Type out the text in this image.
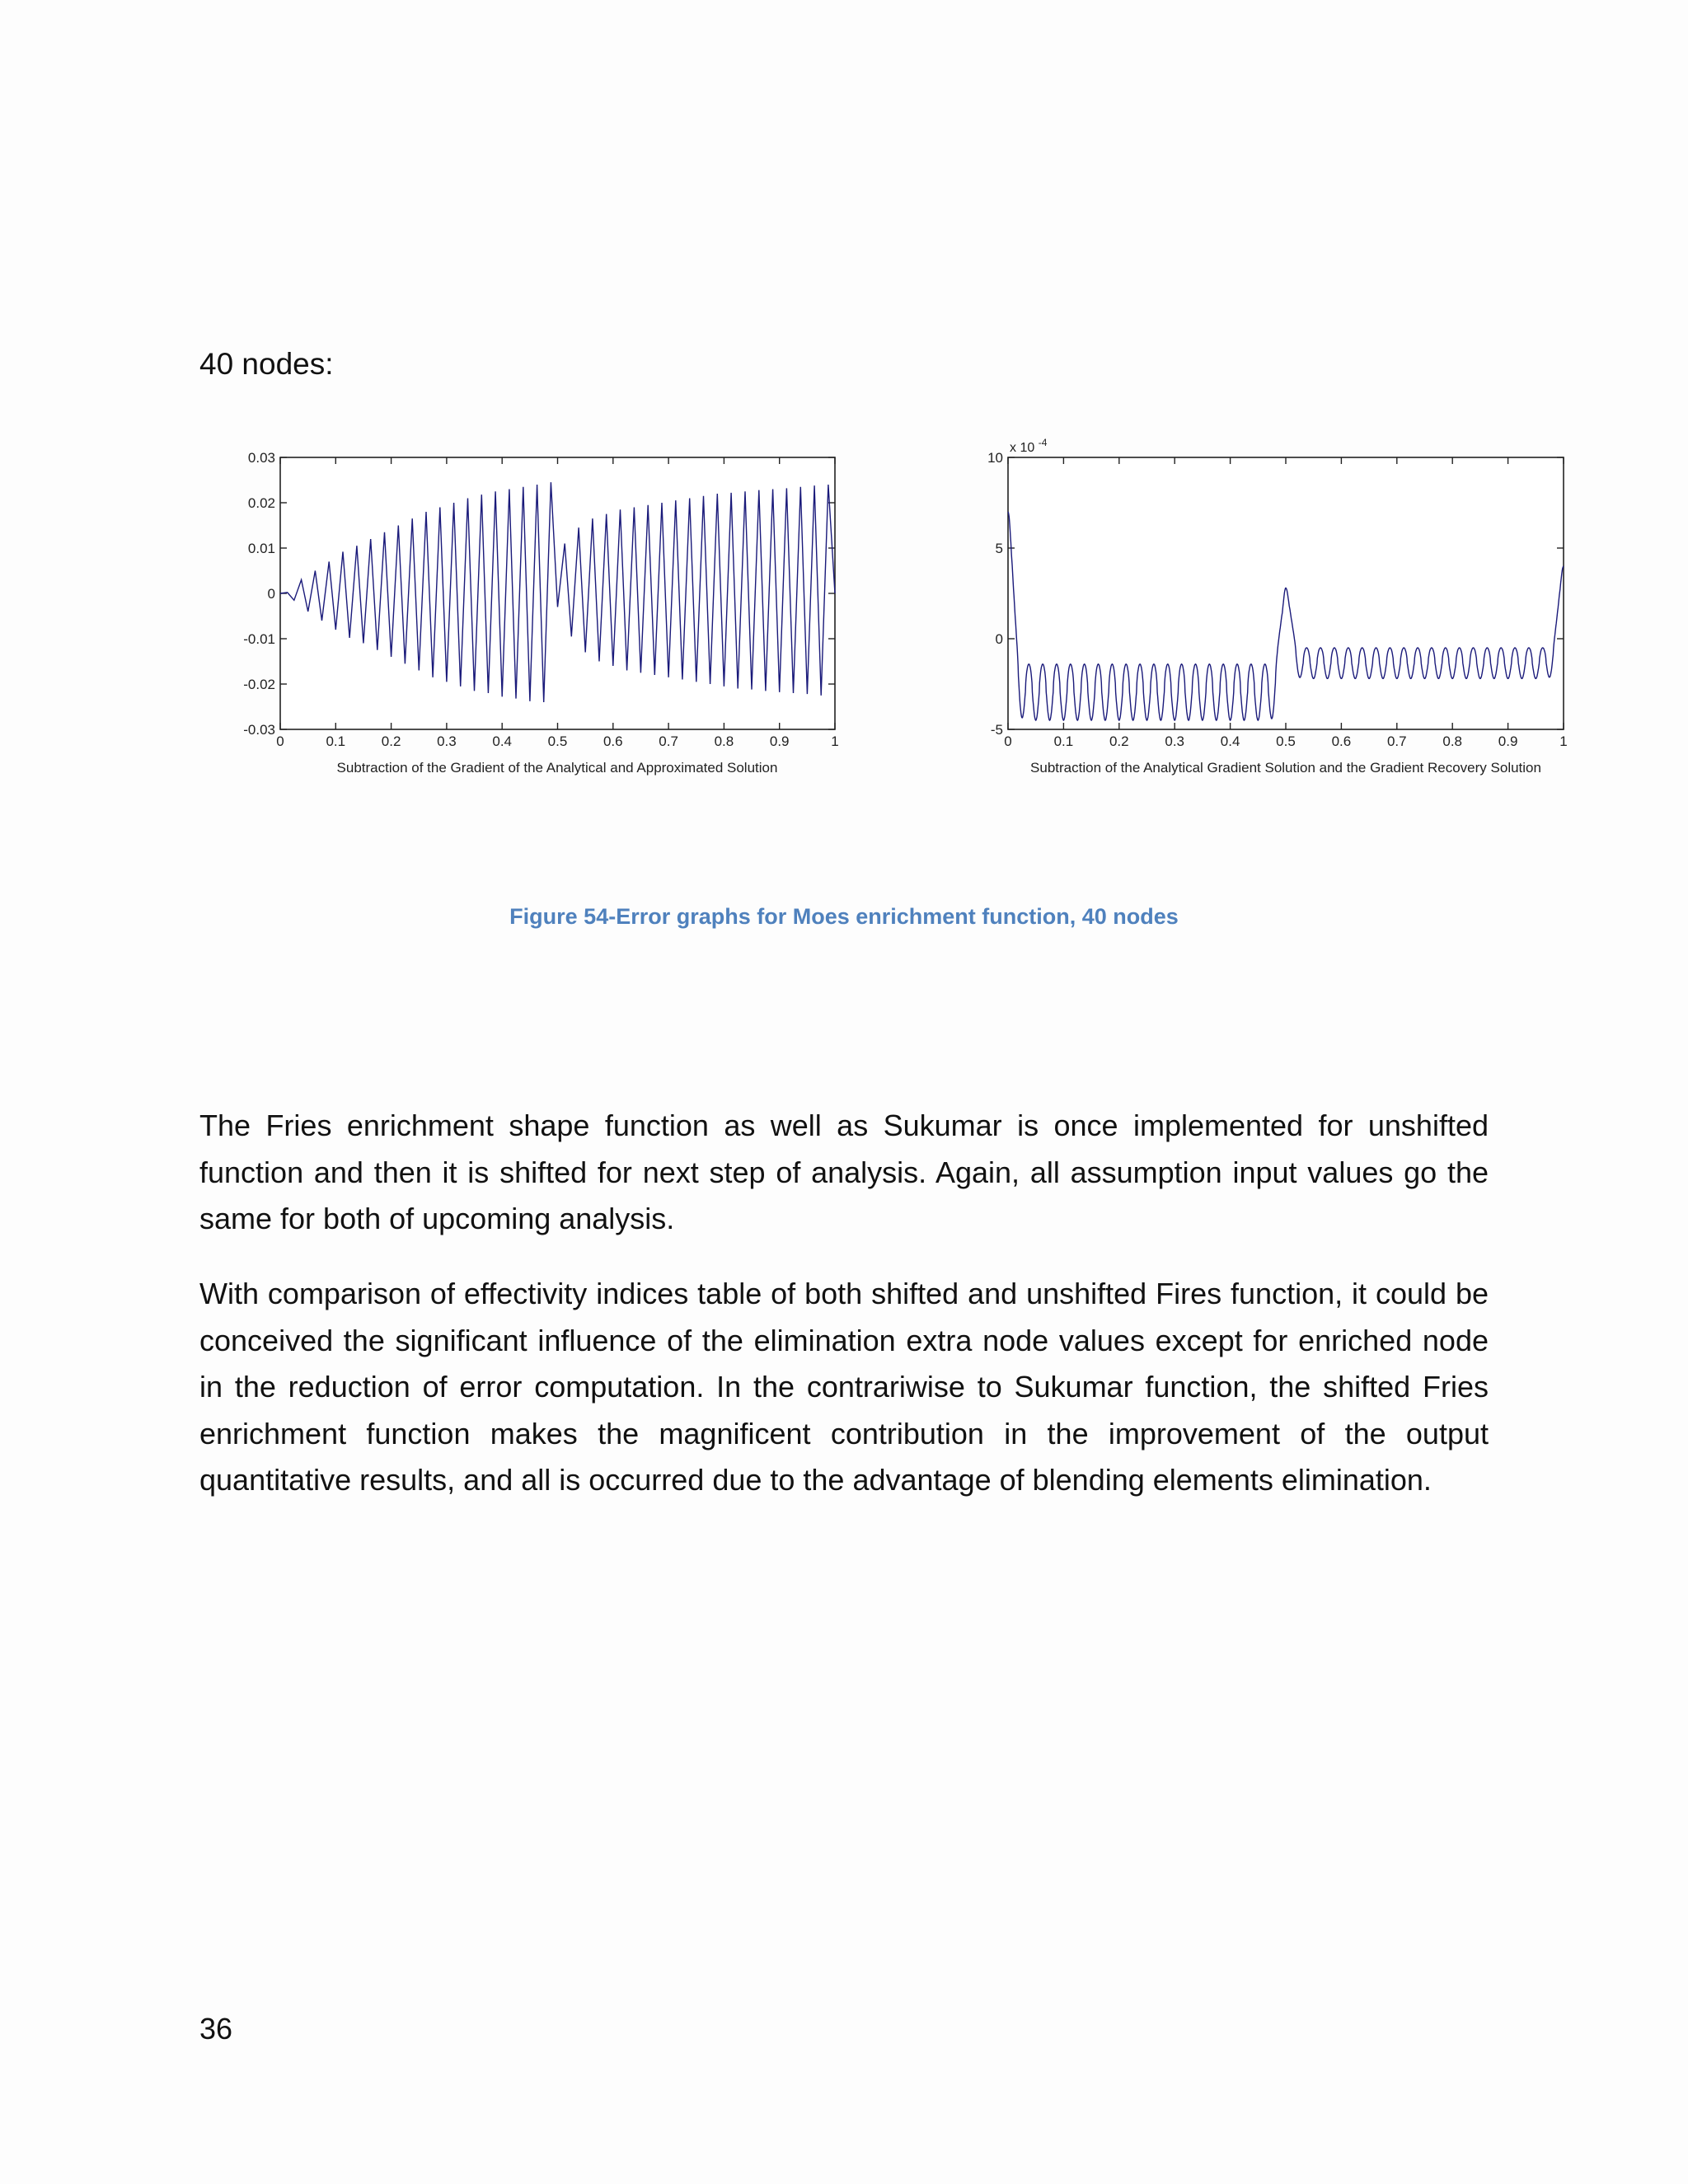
40 nodes:
0.03
0.02
0.01
0
-0.01
-0.02
-0.03
0	0.1	0.2	0.3	0.4	0.5	0.6	0.7	0.8	0.9	1
Subtraction of the Gradient of the Analytical and Approximated Solution
x 10 $^{-4}$
10
5
0
-5
0	0.1	0.2	0.3	0.4	0.5	0.6	0.7	0.8	0.9	1
Subtraction of the Analytical Gradient Solution and the Gradient Recovery Solution
Figure 54-Error graphs for Moes enrichment function, 40 nodes
The Fries enrichment shape function as well as Sukumar is once implemented for unshifted function and then it is shifted for next step of analysis. Again, all assumption input values go the same for both of upcoming analysis.
With comparison of effectivity indices table of both shifted and unshifted Fires function, it could be conceived the significant influence of the elimination extra node values except for enriched node in the reduction of error computation. In the contrariwise to Sukumar function, the shifted Fries enrichment function makes the magnificent contribution in the improvement of the output quantitative results, and all is occurred due to the advantage of blending elements elimination.
36
